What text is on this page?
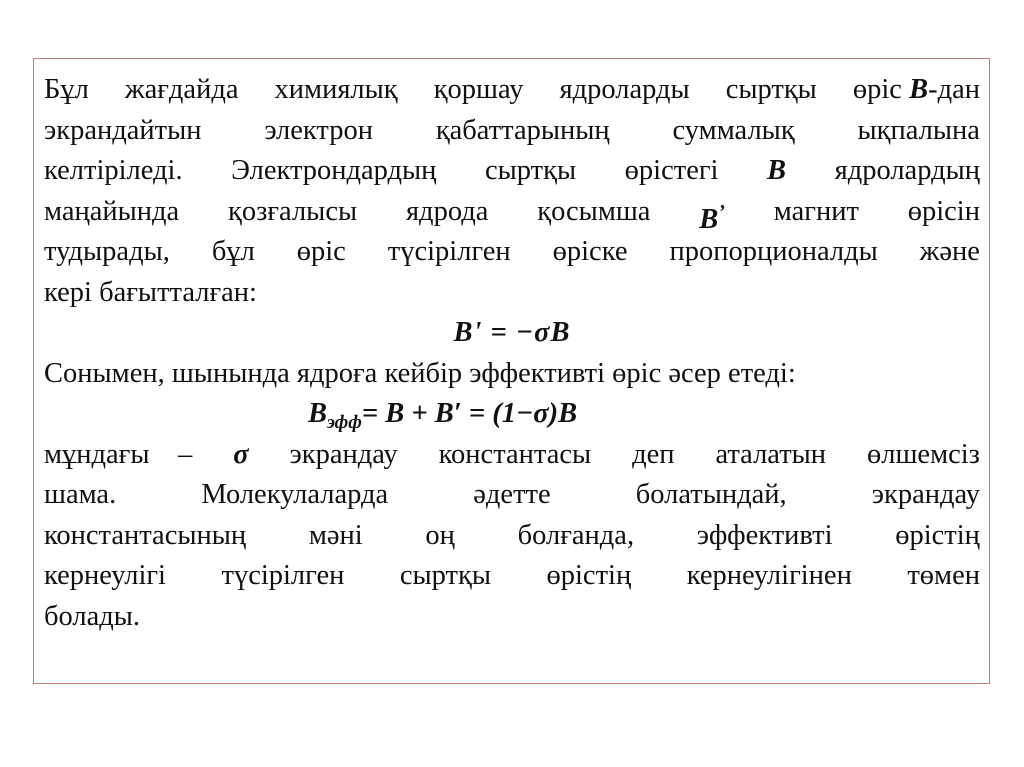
Бұл жағдайда химиялық қоршау ядроларды сыртқы өріс B-дан
экрандайтын электрон қабаттарының суммалық ықпалына
келтіріледі. Электрондардың сыртқы өрістегі B ядролардың
маңайында қозғалысы ядрода қосымша B’ магнит өрісін
тудырады, бұл өріс түсірілген өріске пропорционалды және
кері бағытталған:
B' = −σB
Сонымен, шынында ядроға кейбір эффективті өріс әсер етеді:
$B_{эфф}= B + B' = (1-\sigma)B$
мұндағы – σ экрандау константасы деп аталатын өлшемсіз
шама.	Молекулаларда	әдетте	болатындай,	экрандау
константасының мәні оң болғанда, эффективті өрістің
кернеулігі түсірілген сыртқы өрістің кернеулігінен төмен
болады.
